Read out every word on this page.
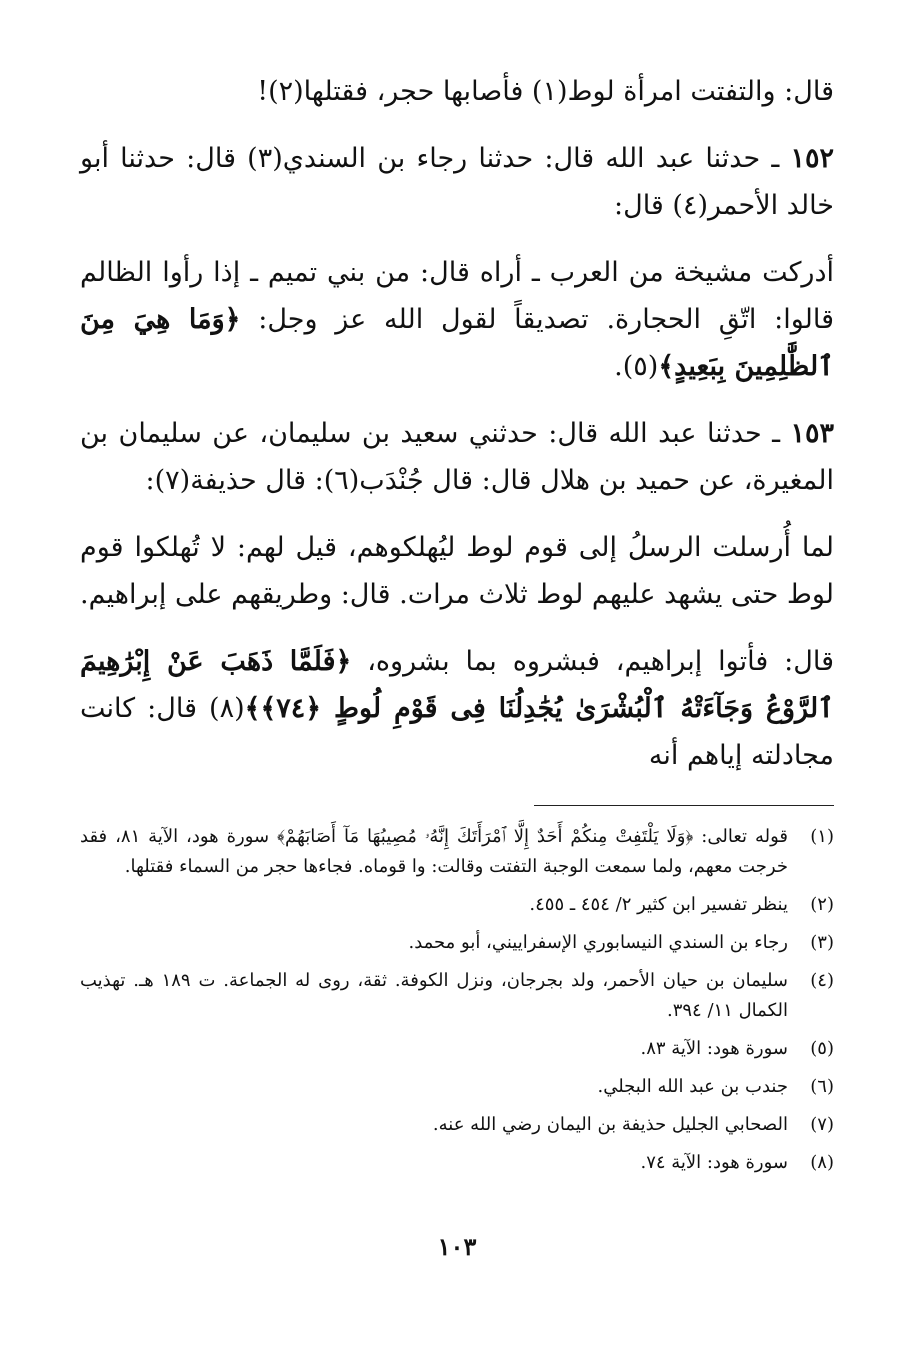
قال: والتفتت امرأة لوط(١) فأصابها حجر، فقتلها(٢)!

١٥٢ ـ حدثنا عبد الله قال: حدثنا رجاء بن السندي(٣) قال: حدثنا أبو خالد الأحمر(٤) قال:

أدركت مشيخة من العرب ـ أراه قال: من بني تميم ـ إذا رأوا الظالم قالوا: اتّقِ الحجارة. تصديقاً لقول الله عز وجل: ﴿وَمَا هِيَ مِنَ ٱلظَّٰلِمِينَ بِبَعِيدٍ﴾(٥).

١٥٣ ـ حدثنا عبد الله قال: حدثني سعيد بن سليمان، عن سليمان بن المغيرة، عن حميد بن هلال قال: قال جُنْدَب(٦): قال حذيفة(٧):

لما أُرسلت الرسلُ إلى قوم لوط ليُهلكوهم، قيل لهم: لا تُهلكوا قوم لوط حتى يشهد عليهم لوط ثلاث مرات. قال: وطريقهم على إبراهيم.

قال: فأتوا إبراهيم، فبشروه بما بشروه، ﴿فَلَمَّا ذَهَبَ عَنْ إِبْرَٰهِيمَ ٱلرَّوْعُ وَجَآءَتْهُ ٱلْبُشْرَىٰ يُجَٰدِلُنَا فِى قَوْمِ لُوطٍ ﴿٧٤﴾﴾(٨) قال: كانت مجادلته إياهم أنه

(١)
قوله تعالى: ﴿وَلَا يَلْتَفِتْ مِنكُمْ أَحَدٌ إِلَّا ٱمْرَأَتَكَ إِنَّهُۥ مُصِيبُهَا مَآ أَصَابَهُمْ﴾ سورة هود، الآية ٨١، فقد خرجت معهم، ولما سمعت الوجبة التفتت وقالت: وا قوماه. فجاءها حجر من السماء فقتلها.
(٢)
ينظر تفسير ابن كثير ٢/ ٤٥٤ ـ ٤٥٥.
(٣)
رجاء بن السندي النيسابوري الإسفراييني، أبو محمد.
(٤)
سليمان بن حيان الأحمر، ولد بجرجان، ونزل الكوفة. ثقة، روى له الجماعة. ت ١٨٩ هـ. تهذيب الكمال ١١/ ٣٩٤.
(٥)
سورة هود: الآية ٨٣.
(٦)
جندب بن عبد الله البجلي.
(٧)
الصحابي الجليل حذيفة بن اليمان رضي الله عنه.
(٨)
سورة هود: الآية ٧٤.
١٠٣
